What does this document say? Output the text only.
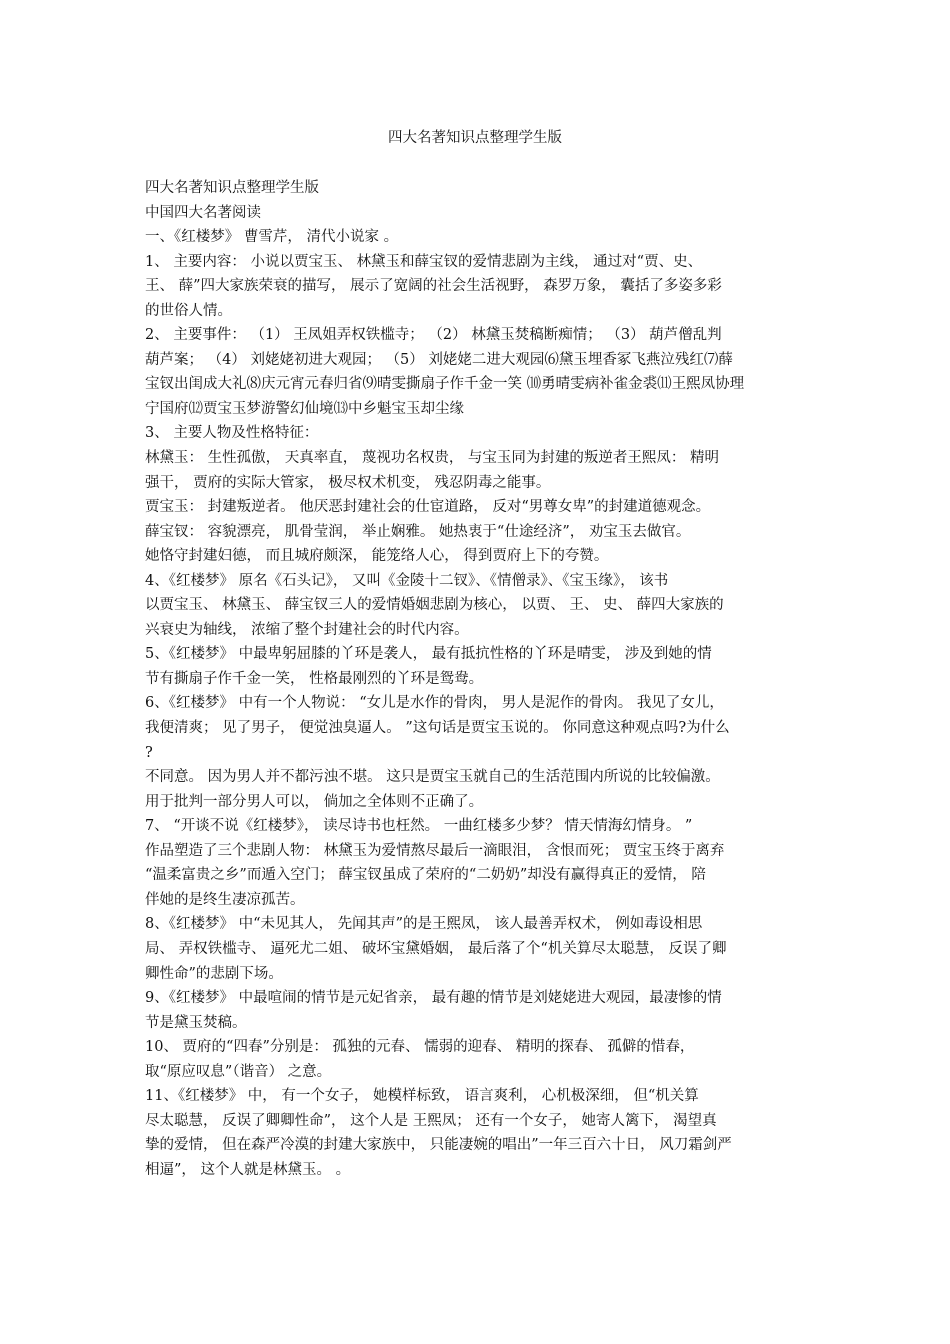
四大名著知识点整理学生版

四大名著知识点整理学生版

中国四大名著阅读

一、《红楼梦》 曹雪芹， 清代小说家 。

1、 主要内容： 小说以贾宝玉、 林黛玉和薛宝钗的爱情悲剧为主线， 通过对“贾、史、

王、 薛”四大家族荣衰的描写， 展示了宽阔的社会生活视野， 森罗万象， 囊括了多姿多彩

的世俗人情。

2、 主要事件： （1） 王凤姐弄权铁槛寺； （2） 林黛玉焚稿断痴情； （3） 葫芦僧乱判

葫芦案； （4） 刘姥姥初进大观园； （5） 刘姥姥二进大观园⑹黛玉埋香冢飞燕泣残红⑺薛

宝钗出闺成大礼⑻庆元宵元春归省⑼晴雯撕扇子作千金一笑 ⑽勇晴雯病补雀金裘⑾王熙凤协理

宁国府⑿贾宝玉梦游警幻仙境⒀中乡魁宝玉却尘缘

3、 主要人物及性格特征：

林黛玉： 生性孤傲， 天真率直， 蔑视功名权贵， 与宝玉同为封建的叛逆者王熙凤： 精明

强干， 贾府的实际大管家， 极尽权术机变， 残忍阴毒之能事。

贾宝玉： 封建叛逆者。 他厌恶封建社会的仕宦道路， 反对“男尊女卑”的封建道德观念。

薛宝钗： 容貌漂亮， 肌骨莹润， 举止娴雅。 她热衷于“仕途经济”， 劝宝玉去做官。

她恪守封建妇德， 而且城府颇深， 能笼络人心， 得到贾府上下的夸赞。

4、《红楼梦》 原名《石头记》， 又叫《金陵十二钗》、《情僧录》、《宝玉缘》， 该书

以贾宝玉、 林黛玉、 薛宝钗三人的爱情婚姻悲剧为核心， 以贾、 王、 史、 薛四大家族的

兴衰史为轴线， 浓缩了整个封建社会的时代内容。

5、《红楼梦》 中最卑躬屈膝的丫环是袭人， 最有抵抗性格的丫环是晴雯， 涉及到她的情

节有撕扇子作千金一笑， 性格最刚烈的丫环是鸳鸯。

6、《红楼梦》 中有一个人物说： “女儿是水作的骨肉， 男人是泥作的骨肉。 我见了女儿，

我便清爽； 见了男子， 便觉浊臭逼人。 ”这句话是贾宝玉说的。 你同意这种观点吗?为什么

?

不同意。 因为男人并不都污浊不堪。 这只是贾宝玉就自己的生活范围内所说的比较偏激。

用于批判一部分男人可以， 倘加之全体则不正确了。

7、 “开谈不说《红楼梦》， 读尽诗书也枉然。 一曲红楼多少梦？ 情天情海幻情身。 ”

作品塑造了三个悲剧人物： 林黛玉为爱情熬尽最后一滴眼泪， 含恨而死； 贾宝玉终于离弃

“温柔富贵之乡”而遁入空门； 薛宝钗虽成了荣府的“二奶奶”却没有赢得真正的爱情， 陪

伴她的是终生凄凉孤苦。

8、《红楼梦》 中“未见其人， 先闻其声”的是王熙凤， 该人最善弄权术， 例如毒设相思

局、 弄权铁槛寺、 逼死尤二姐、 破坏宝黛婚姻， 最后落了个“机关算尽太聪慧， 反误了卿

卿性命”的悲剧下场。

9、《红楼梦》 中最喧闹的情节是元妃省亲， 最有趣的情节是刘姥姥进大观园，最凄惨的情

节是黛玉焚稿。

10、 贾府的“四春”分别是： 孤独的元春、 懦弱的迎春、 精明的探春、 孤僻的惜春，

取“原应叹息”（谐音） 之意。

11、《红楼梦》 中， 有一个女子， 她模样标致， 语言爽利， 心机极深细， 但“机关算

尽太聪慧， 反误了卿卿性命”， 这个人是 王熙凤； 还有一个女子， 她寄人篱下， 渴望真

挚的爱情， 但在森严冷漠的封建大家族中， 只能凄婉的唱出”一年三百六十日， 风刀霜剑严

相逼”， 这个人就是林黛玉。 。
